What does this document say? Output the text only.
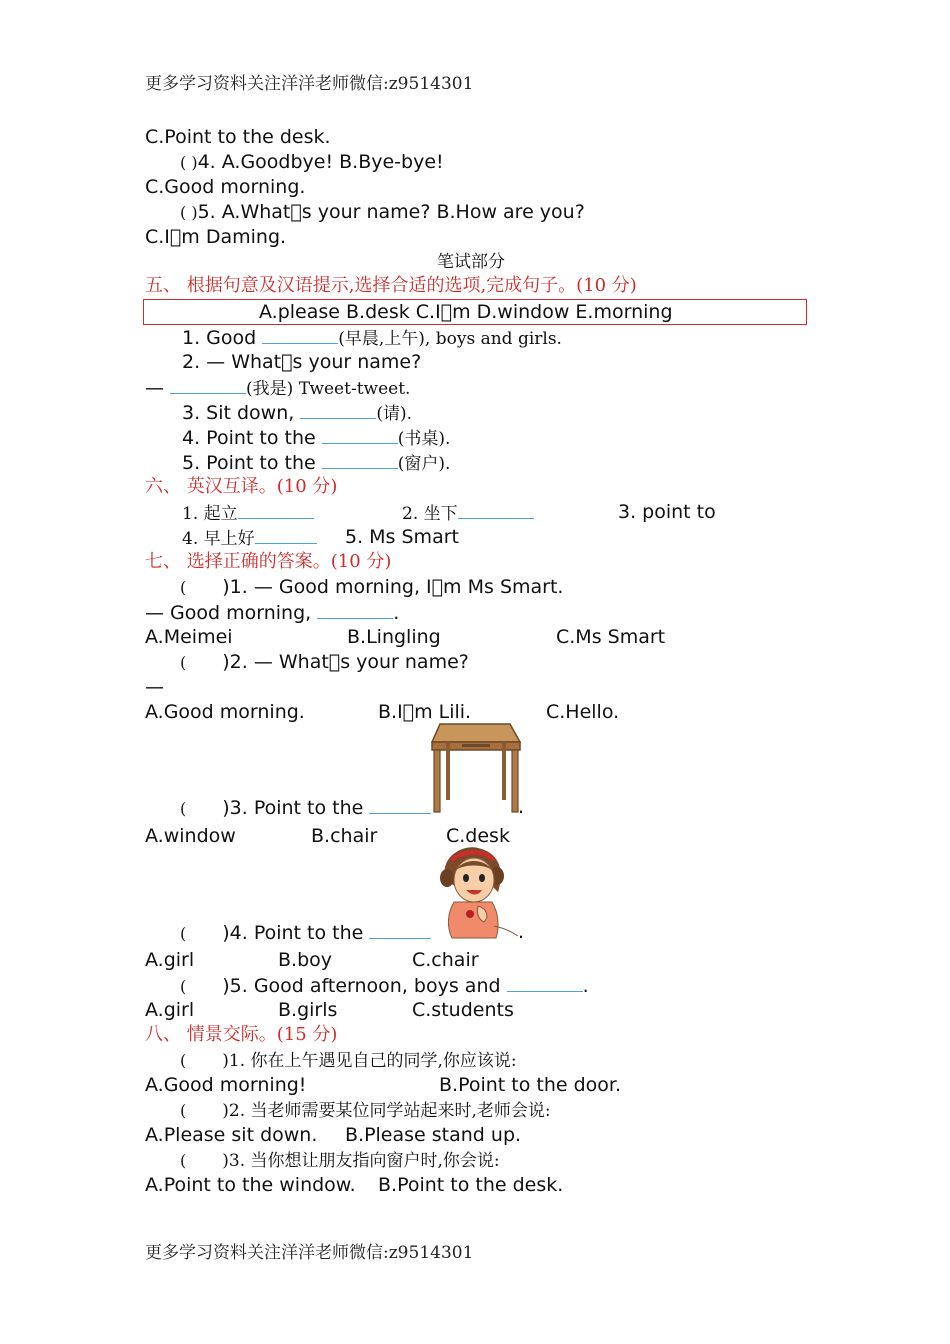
更多学习资料关注洋洋老师微信:z9514301
C.Point to the desk.
( )4. A.Goodbye! B.Bye-bye!
C.Good morning.
( )5. A.What s your name? B.How are you?
C.I m Daming.
笔试部分
五、 根据句意及汉语提示,选择合适的选项,完成句子。(10 分)
A.please B.desk C.I m D.window E.morning
1. Good	(早晨,上午), boys and girls.
2. — What s your name?
—	(我是) Tweet-tweet.
3. Sit down,	(请).
4. Point to the	(书桌).
5. Point to the	(窗户).
六、 英汉互译。(10 分)
1. 起立	2. 坐下	3. point to
4. 早上好	5. Ms Smart
七、 选择正确的答案。(10 分)
( )1. — Good morning, I m Ms Smart.
— Good morning,	.
A.Meimei	B.Lingling	C.Ms Smart
( )2. — What s your name?
—
A.Good morning.	B.I m Lili.	C.Hello.
( )3. Point to the	.
A.window	B.chair	C.desk
( )4. Point to the	.
A.girl	B.boy	C.chair
( )5. Good afternoon, boys and	.
A.girl	B.girls	C.students
八、 情景交际。(15 分)
( )1. 你在上午遇见自己的同学,你应该说:
A.Good morning!	B.Point to the door.
( )2. 当老师需要某位同学站起来时,老师会说:
A.Please sit down. B.Please stand up.
( )3. 当你想让朋友指向窗户时,你会说:
A.Point to the window. B.Point to the desk.
更多学习资料关注洋洋老师微信:z9514301
